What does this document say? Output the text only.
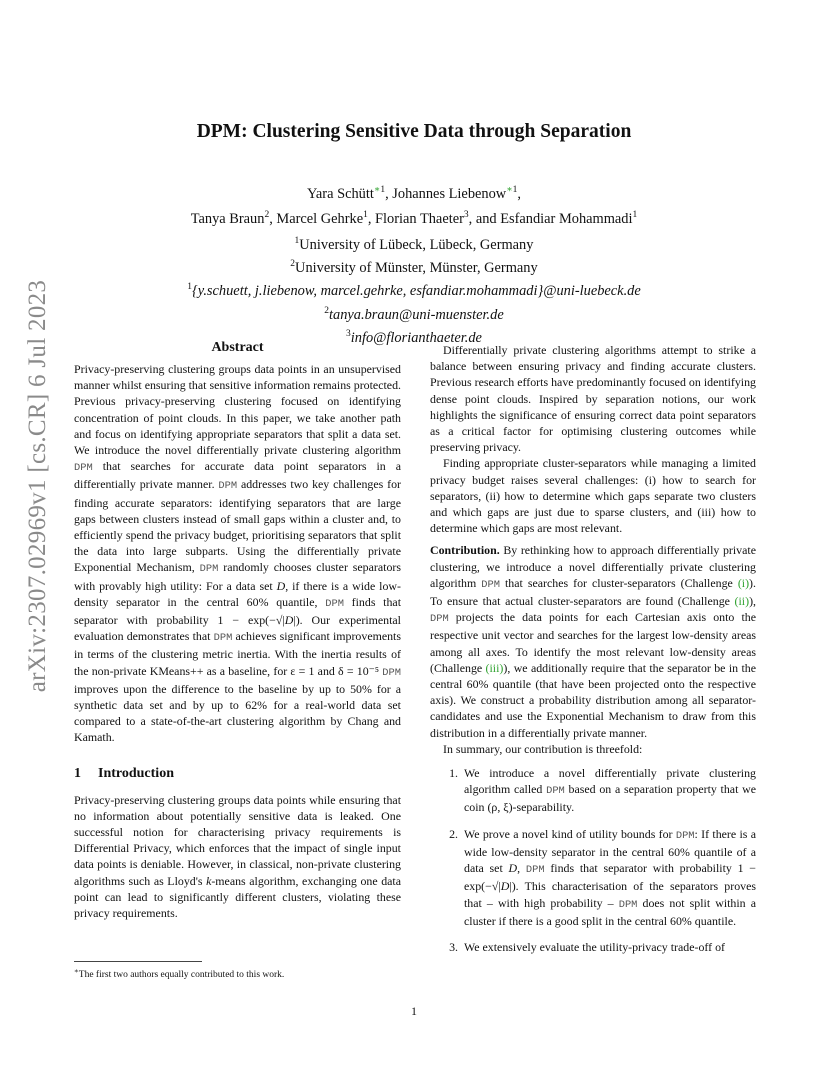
arXiv:2307.02969v1 [cs.CR] 6 Jul 2023
DPM: Clustering Sensitive Data through Separation
Yara Schütt$^{∗1}$, Johannes Liebenow$^{∗1}$,
Tanya Braun$^2$, Marcel Gehrke$^1$, Florian Thaeter$^3$, and Esfandiar Mohammadi$^1$
$^1$University of Lübeck, Lübeck, Germany
$^2$University of Münster, Münster, Germany
$^1${y.schuett, j.liebenow, marcel.gehrke, esfandiar.mohammadi}@uni-luebeck.de
$^2$tanya.braun@uni-muenster.de
$^3$info@florianthaeter.de
Abstract

Privacy-preserving clustering groups data points in an unsupervised manner whilst ensuring that sensitive information remains protected. Previous privacy-preserving clustering focused on identifying concentration of point clouds. In this paper, we take another path and focus on identifying appropriate separators that split a data set. We introduce the novel differentially private clustering algorithm DPM that searches for accurate data point separators in a differentially private manner. DPM addresses two key challenges for finding accurate separators: identifying separators that are large gaps between clusters instead of small gaps within a cluster and, to efficiently spend the privacy budget, prioritising separators that split the data into large subparts. Using the differentially private Exponential Mechanism, DPM randomly chooses cluster separators with provably high utility: For a data set D, if there is a wide low-density separator in the central 60% quantile, DPM finds that separator with probability 1 − exp(−√|D|). Our experimental evaluation demonstrates that DPM achieves significant improvements in terms of the clustering metric inertia. With the inertia results of the non-private KMeans++ as a baseline, for ε = 1 and δ = 10⁻⁵ DPM improves upon the difference to the baseline by up to 50% for a synthetic data set and by up to 62% for a real-world data set compared to a state-of-the-art clustering algorithm by Chang and Kamath.

1 Introduction

Privacy-preserving clustering groups data points while ensuring that no information about potentially sensitive data is leaked. One successful notion for characterising privacy requirements is Differential Privacy, which enforces that the impact of single input data points is deniable. However, in classical, non-private clustering algorithms such as Lloyd's k-means algorithm, exchanging one data point can lead to significantly different clusters, violating these privacy requirements.

Differentially private clustering algorithms attempt to strike a balance between ensuring privacy and finding accurate clusters. Previous research efforts have predominantly focused on identifying dense point clouds. Inspired by separation notions, our work highlights the significance of ensuring correct data point separators as a critical factor for optimising clustering outcomes while preserving privacy.

Finding appropriate cluster-separators while managing a limited privacy budget raises several challenges: (i) how to search for separators, (ii) how to determine which gaps separate two clusters and which gaps are just due to sparse clusters, and (iii) how to determine which gaps are most relevant.

Contribution. By rethinking how to approach differentially private clustering, we introduce a novel differentially private clustering algorithm DPM that searches for cluster-separators (Challenge (i)). To ensure that actual cluster-separators are found (Challenge (ii)), DPM projects the data points for each Cartesian axis onto the respective unit vector and searches for the largest low-density areas among all axes. To identify the most relevant low-density areas (Challenge (iii)), we additionally require that the separator be in the central 60% quantile (that have been projected onto the respective axis). We construct a probability distribution among all separator-candidates and use the Exponential Mechanism to draw from this distribution in a differentially private manner.

In summary, our contribution is threefold:

1. We introduce a novel differentially private clustering algorithm called DPM based on a separation property that we coin (ρ, ξ)-separability.

2. We prove a novel kind of utility bounds for DPM: If there is a wide low-density separator in the central 60% quantile of a data set D, DPM finds that separator with probability 1 − exp(−√|D|). This characterisation of the separators proves that – with high probability – DPM does not split within a cluster if there is a good split in the central 60% quantile.

3. We extensively evaluate the utility-privacy trade-off of

∗The first two authors equally contributed to this work.
1
